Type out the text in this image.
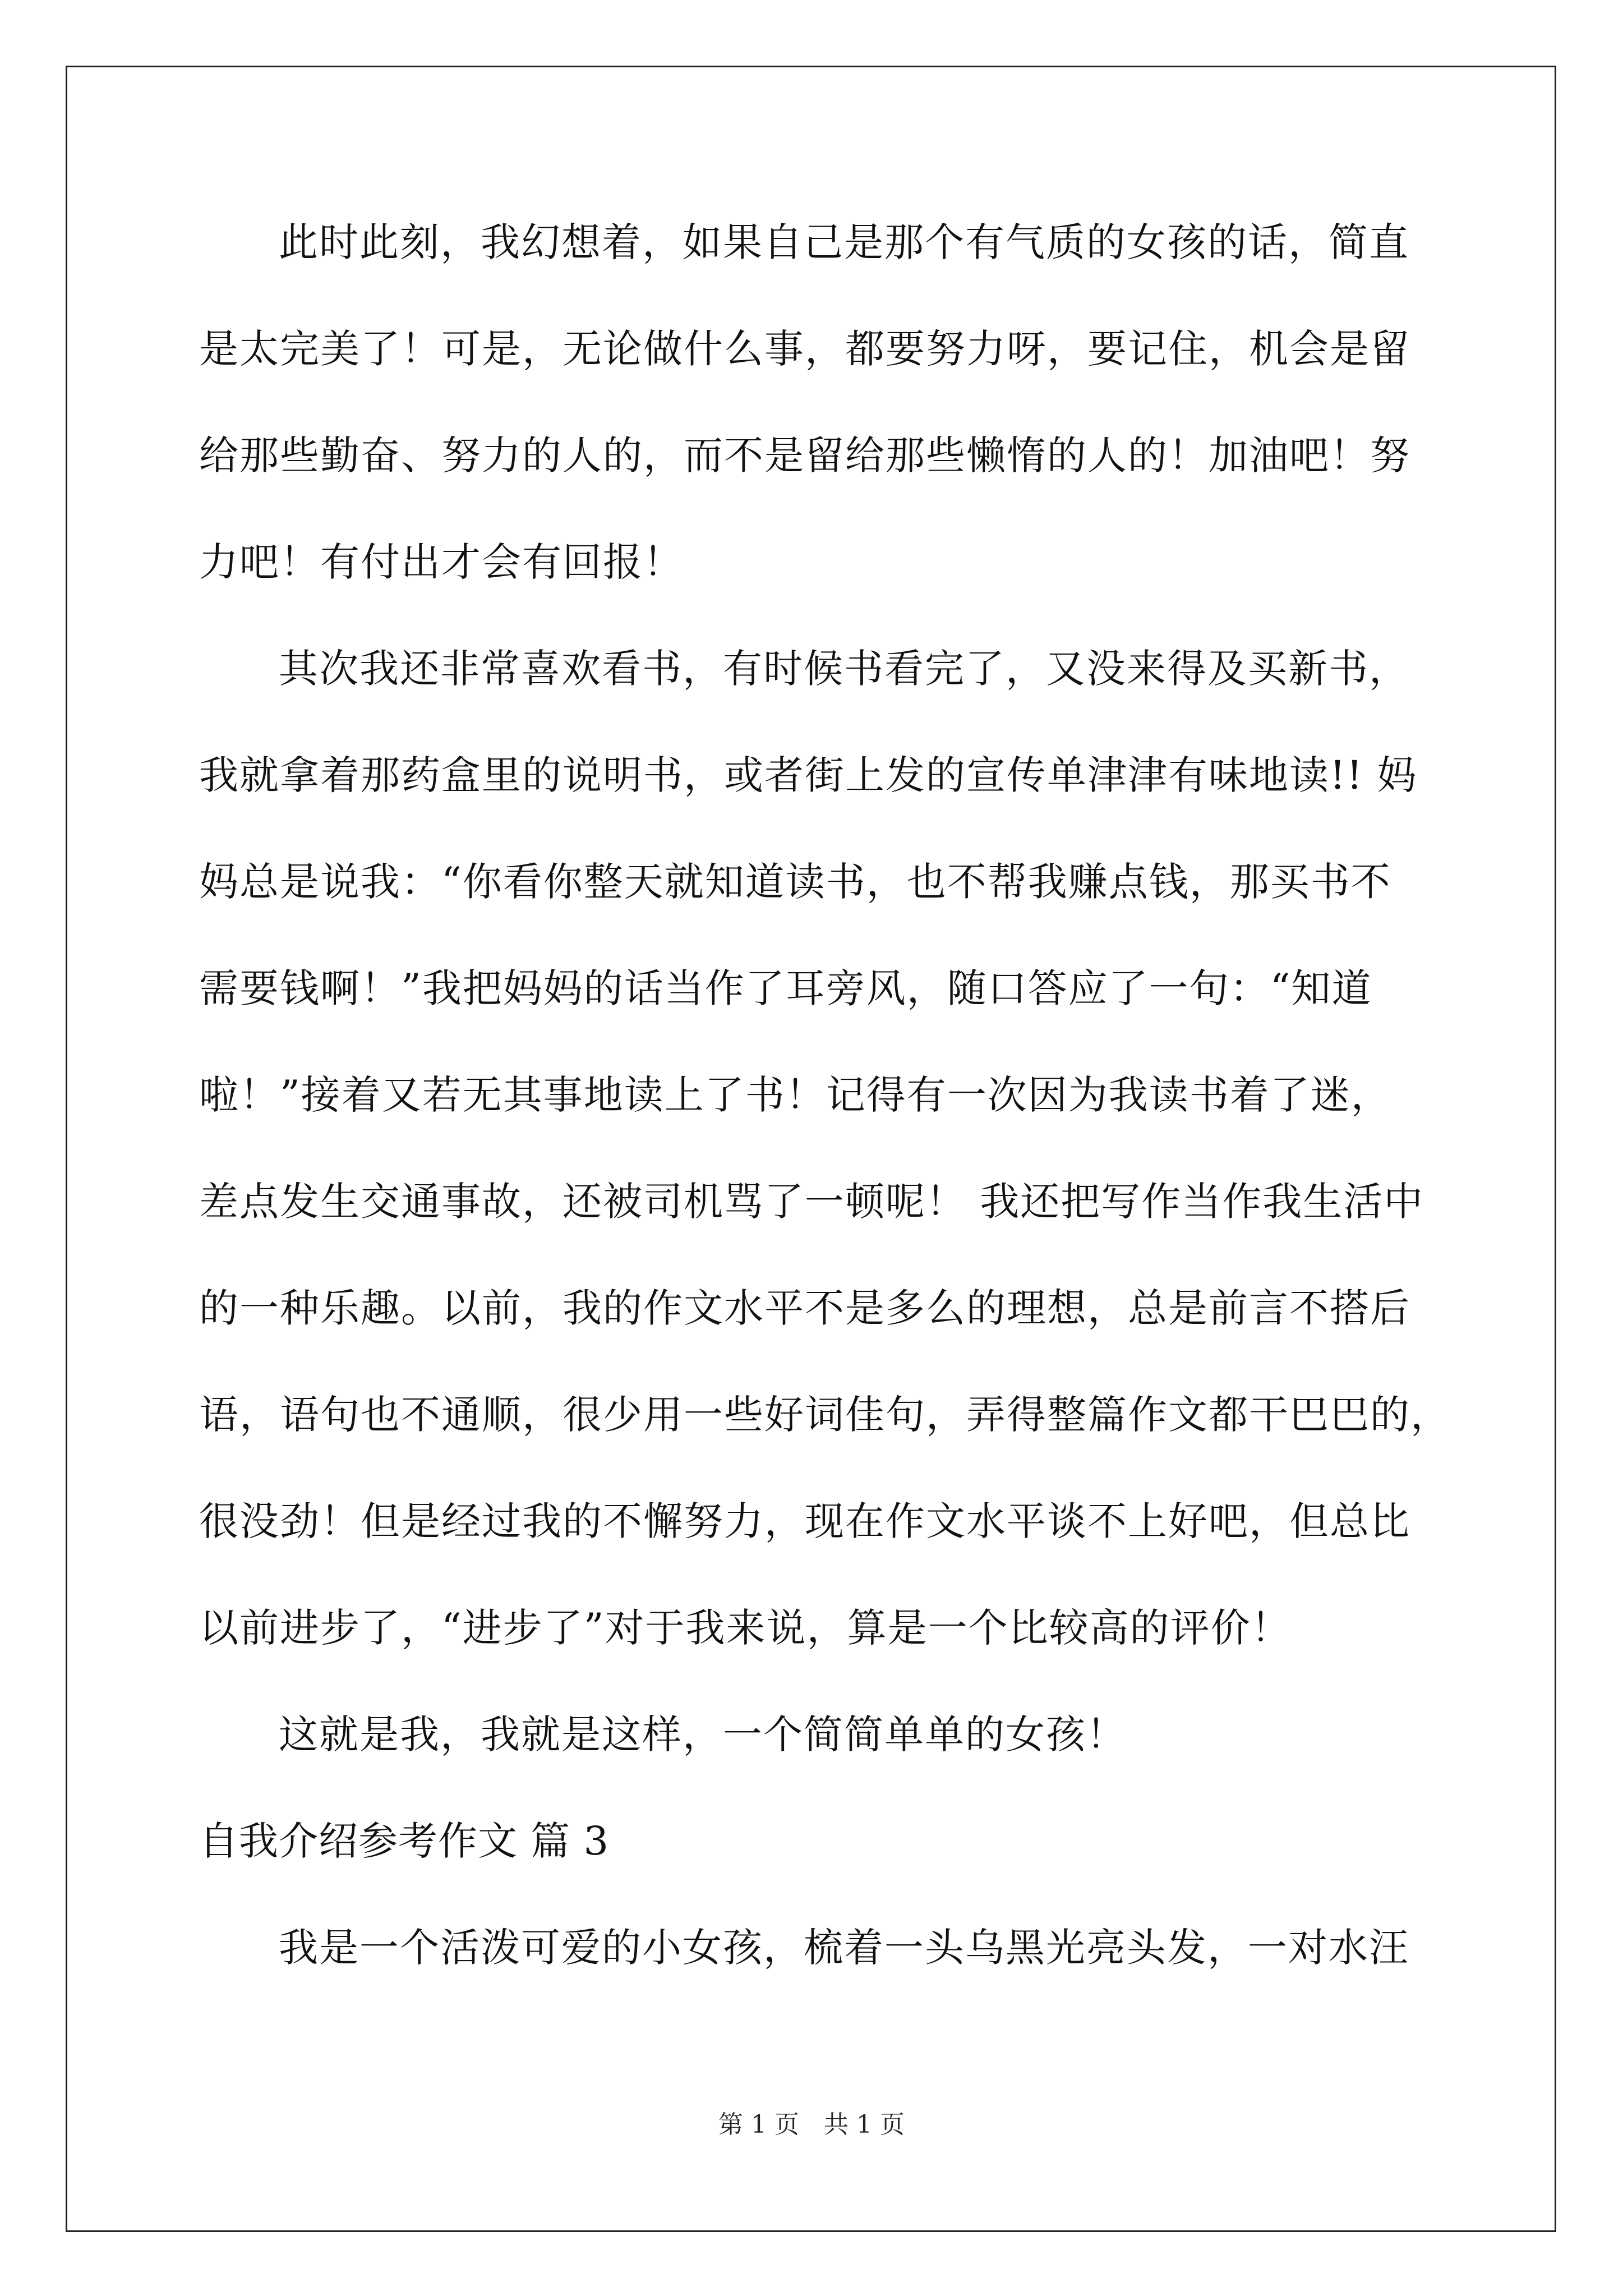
此时此刻，我幻想着，如果自己是那个有气质的女孩的话，简直
是太完美了！可是，无论做什么事，都要努力呀，要记住，机会是留
给那些勤奋、努力的人的，而不是留给那些懒惰的人的！加油吧！努
力吧！有付出才会有回报！
其次我还非常喜欢看书，有时候书看完了，又没来得及买新书，
我就拿着那药盒里的说明书，或者街上发的宣传单津津有味地读!! 妈
妈总是说我：“你看你整天就知道读书，也不帮我赚点钱，那买书不
需要钱啊！”我把妈妈的话当作了耳旁风，随口答应了一句：“知道
啦！”接着又若无其事地读上了书！记得有一次因为我读书着了迷，
差点发生交通事故，还被司机骂了一顿呢！ 我还把写作当作我生活中
的一种乐趣。以前，我的作文水平不是多么的理想，总是前言不搭后
语，语句也不通顺，很少用一些好词佳句，弄得整篇作文都干巴巴的，
很没劲！但是经过我的不懈努力，现在作文水平谈不上好吧，但总比
以前进步了，“进步了”对于我来说，算是一个比较高的评价！
这就是我，我就是这样，一个简简单单的女孩！
自我介绍参考作文 篇 3
我是一个活泼可爱的小女孩，梳着一头乌黑光亮头发，一对水汪
第 1 页　共 1 页
